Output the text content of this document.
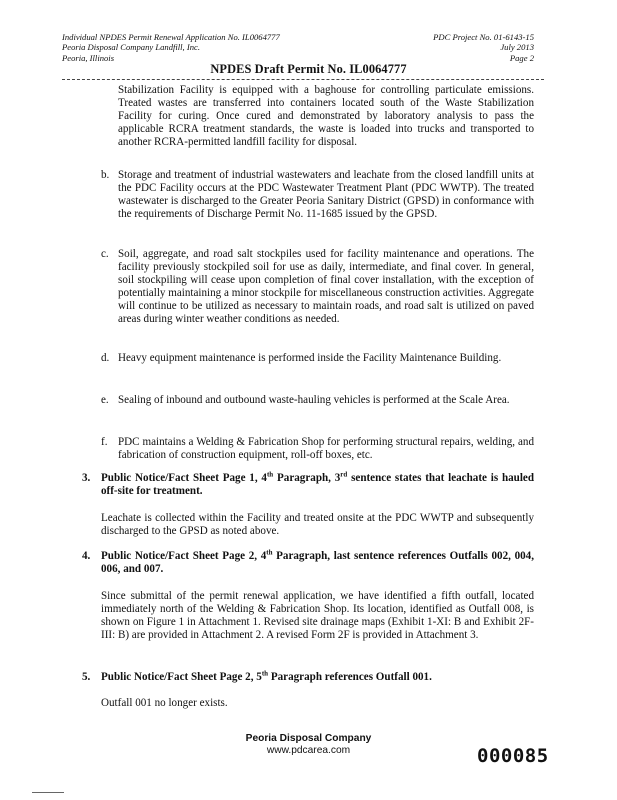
Individual NPDES Permit Renewal Application No. IL0064777
Peoria Disposal Company Landfill, Inc.
Peoria, Illinois
PDC Project No. 01-6143-15
July 2013
Page 2
NPDES Draft Permit No. IL0064777

Stabilization Facility is equipped with a baghouse for controlling particulate emissions. Treated wastes are transferred into containers located south of the Waste Stabilization Facility for curing. Once cured and demonstrated by laboratory analysis to pass the applicable RCRA treatment standards, the waste is loaded into trucks and transported to another RCRA-permitted landfill facility for disposal.

b. Storage and treatment of industrial wastewaters and leachate from the closed landfill units at the PDC Facility occurs at the PDC Wastewater Treatment Plant (PDC WWTP). The treated wastewater is discharged to the Greater Peoria Sanitary District (GPSD) in conformance with the requirements of Discharge Permit No. 11-1685 issued by the GPSD.

c. Soil, aggregate, and road salt stockpiles used for facility maintenance and operations. The facility previously stockpiled soil for use as daily, intermediate, and final cover. In general, soil stockpiling will cease upon completion of final cover installation, with the exception of potentially maintaining a minor stockpile for miscellaneous construction activities. Aggregate will continue to be utilized as necessary to maintain roads, and road salt is utilized on paved areas during winter weather conditions as needed.

d. Heavy equipment maintenance is performed inside the Facility Maintenance Building.

e. Sealing of inbound and outbound waste-hauling vehicles is performed at the Scale Area.

f. PDC maintains a Welding & Fabrication Shop for performing structural repairs, welding, and fabrication of construction equipment, roll-off boxes, etc.

3. Public Notice/Fact Sheet Page 1, 4th Paragraph, 3rd sentence states that leachate is hauled off-site for treatment.

Leachate is collected within the Facility and treated onsite at the PDC WWTP and subsequently discharged to the GPSD as noted above.

4. Public Notice/Fact Sheet Page 2, 4th Paragraph, last sentence references Outfalls 002, 004, 006, and 007.

Since submittal of the permit renewal application, we have identified a fifth outfall, located immediately north of the Welding & Fabrication Shop. Its location, identified as Outfall 008, is shown on Figure 1 in Attachment 1. Revised site drainage maps (Exhibit 1-XI: B and Exhibit 2F-III: B) are provided in Attachment 2. A revised Form 2F is provided in Attachment 3.

5. Public Notice/Fact Sheet Page 2, 5th Paragraph references Outfall 001.

Outfall 001 no longer exists.

Peoria Disposal Company
www.pdcarea.com	000085
